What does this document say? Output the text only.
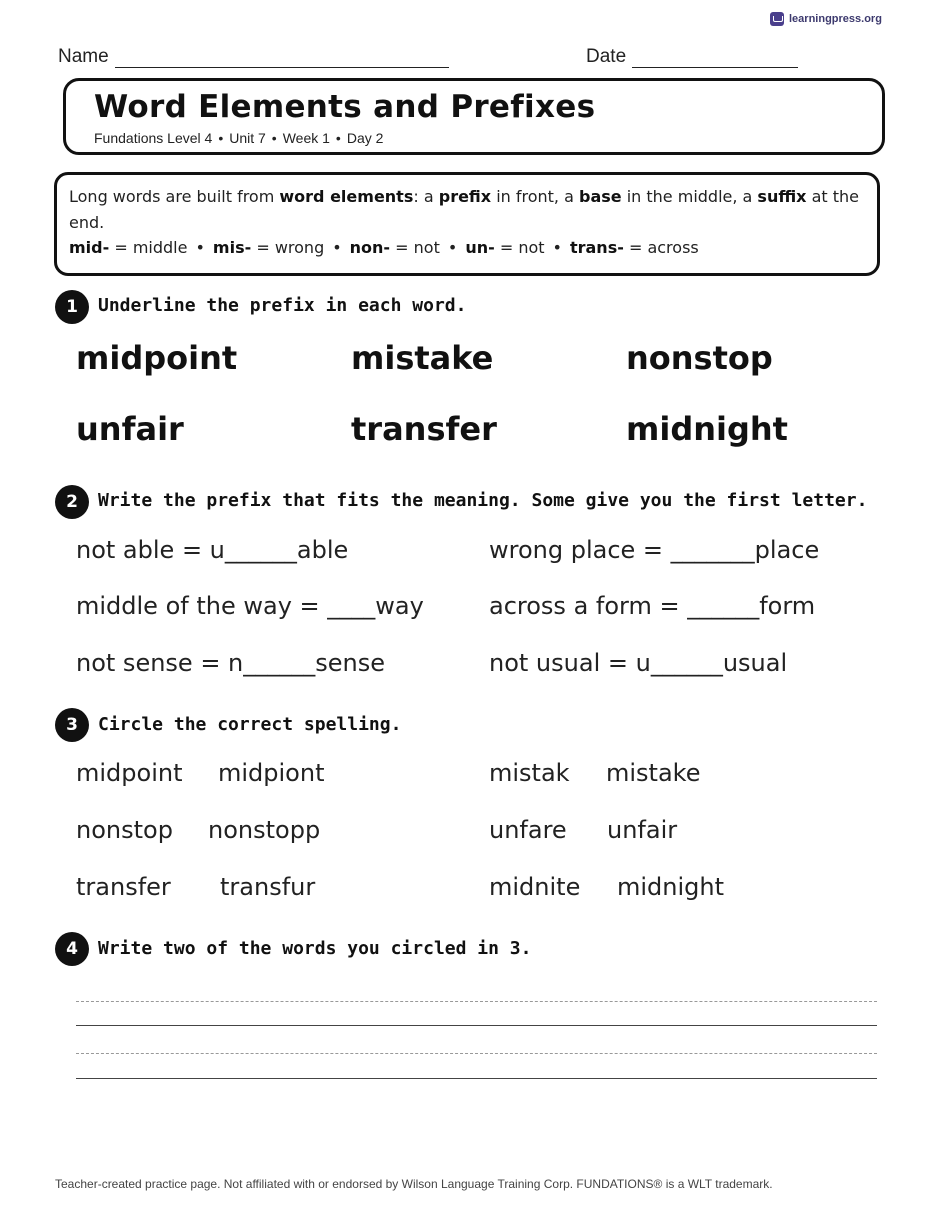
learningpress.org
Name	Date
Word Elements and Prefixes
Fundations Level 4 • Unit 7 • Week 1 • Day 2
Long words are built from word elements: a prefix in front, a base in the middle, a suffix at the end.
mid- = middle • mis- = wrong • non- = not • un- = not • trans- = across
1	Underline the prefix in each word.
midpoint	mistake	nonstop
unfair	transfer	midnight
2	Write the prefix that fits the meaning. Some give you the first letter.
not able = u______able	wrong place = _______place
middle of the way = ____way	across a form = ______form
not sense = n______sense	not usual = u______usual
3	Circle the correct spelling.
midpoint midpiont	mistak mistake
nonstop nonstopp	unfare unfair
transfer transfur	midnite midnight
4	Write two of the words you circled in 3.
Teacher-created practice page. Not affiliated with or endorsed by Wilson Language Training Corp. FUNDATIONS® is a WLT trademark.
